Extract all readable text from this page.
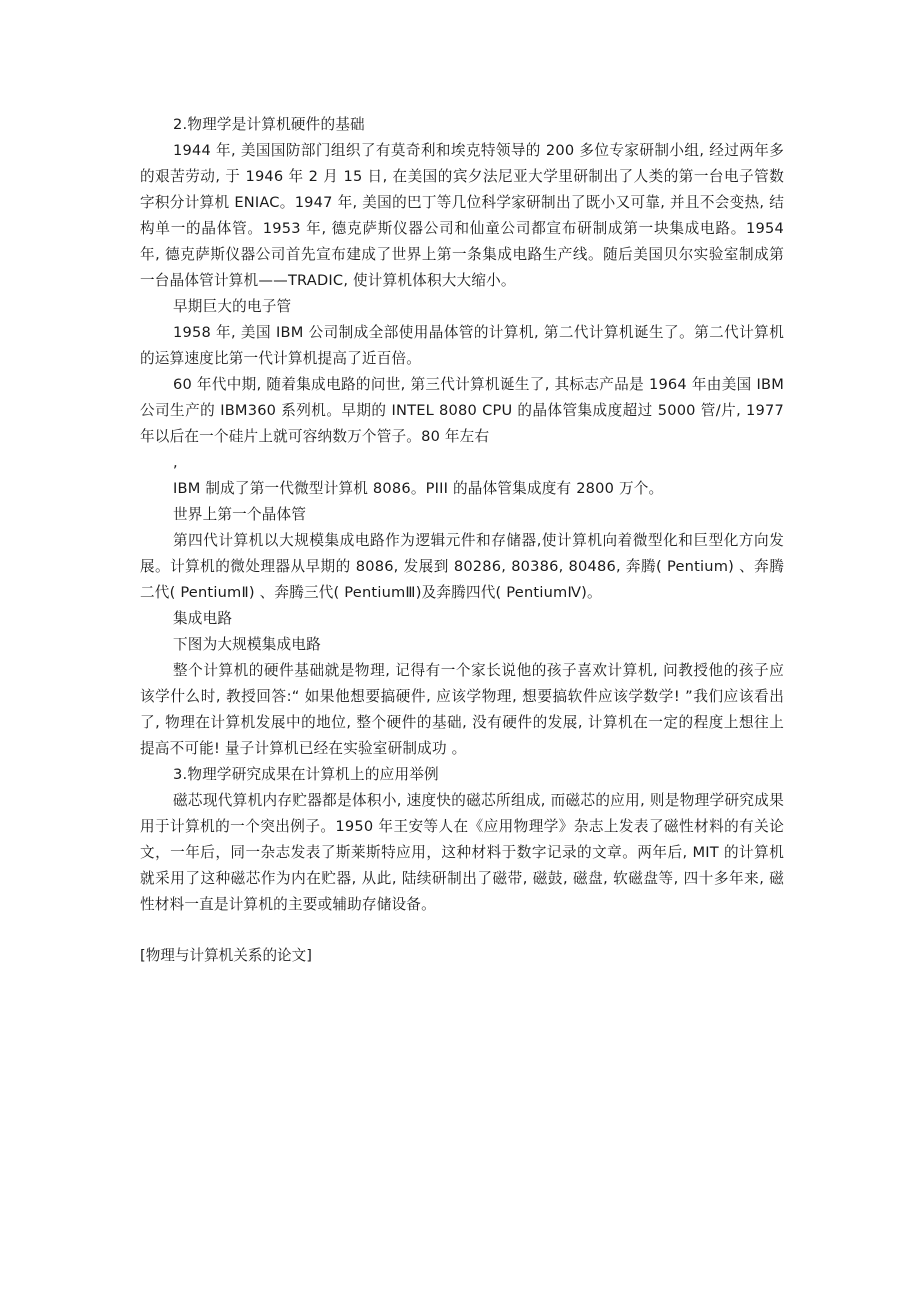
2.物理学是计算机硬件的基础

1944 年, 美国国防部门组织了有莫奇利和埃克特领导的 200 多位专家研制小组, 经过两年多的艰苦劳动, 于 1946 年 2 月 15 日, 在美国的宾夕法尼亚大学里研制出了人类的第一台电子管数字积分计算机 ENIAC。1947 年, 美国的巴丁等几位科学家研制出了既小又可靠, 并且不会变热, 结构单一的晶体管。1953 年, 德克萨斯仪器公司和仙童公司都宣布研制成第一块集成电路。1954 年, 德克萨斯仪器公司首先宣布建成了世界上第一条集成电路生产线。随后美国贝尔实验室制成第一台晶体管计算机——TRADIC, 使计算机体积大大缩小。

早期巨大的电子管

1958 年, 美国 IBM 公司制成全部使用晶体管的计算机, 第二代计算机诞生了。第二代计算机的运算速度比第一代计算机提高了近百倍。

60 年代中期, 随着集成电路的问世, 第三代计算机诞生了, 其标志产品是 1964 年由美国 IBM 公司生产的 IBM360 系列机。早期的 INTEL 8080 CPU 的晶体管集成度超过 5000 管/片, 1977 年以后在一个硅片上就可容纳数万个管子。80 年左右

,

IBM 制成了第一代微型计算机 8086。PIII 的晶体管集成度有 2800 万个。

世界上第一个晶体管

第四代计算机以大规模集成电路作为逻辑元件和存储器,使计算机向着微型化和巨型化方向发展。计算机的微处理器从早期的 8086, 发展到 80286, 80386, 80486, 奔腾( Pentium) 、奔腾二代( PentiumⅡ) 、奔腾三代( PentiumⅢ)及奔腾四代( PentiumⅣ)。

集成电路

下图为大规模集成电路

整个计算机的硬件基础就是物理, 记得有一个家长说他的孩子喜欢计算机, 问教授他的孩子应该学什么时, 教授回答:“ 如果他想要搞硬件, 应该学物理, 想要搞软件应该学数学! ”我们应该看出了, 物理在计算机发展中的地位, 整个硬件的基础, 没有硬件的发展, 计算机在一定的程度上想往上提高不可能! 量子计算机已经在实验室研制成功 。

3.物理学研究成果在计算机上的应用举例

磁芯现代算机内存贮器都是体积小, 速度快的磁芯所组成, 而磁芯的应用, 则是物理学研究成果用于计算机的一个突出例子。1950 年王安等人在《应用物理学》杂志上发表了磁性材料的有关论文，一年后，同一杂志发表了斯莱斯特应用，这种材料于数字记录的文章。两年后, MIT 的计算机就采用了这种磁芯作为内在贮器, 从此, 陆续研制出了磁带, 磁鼓, 磁盘, 软磁盘等, 四十多年来, 磁性材料一直是计算机的主要或辅助存储设备。

[物理与计算机关系的论文]
